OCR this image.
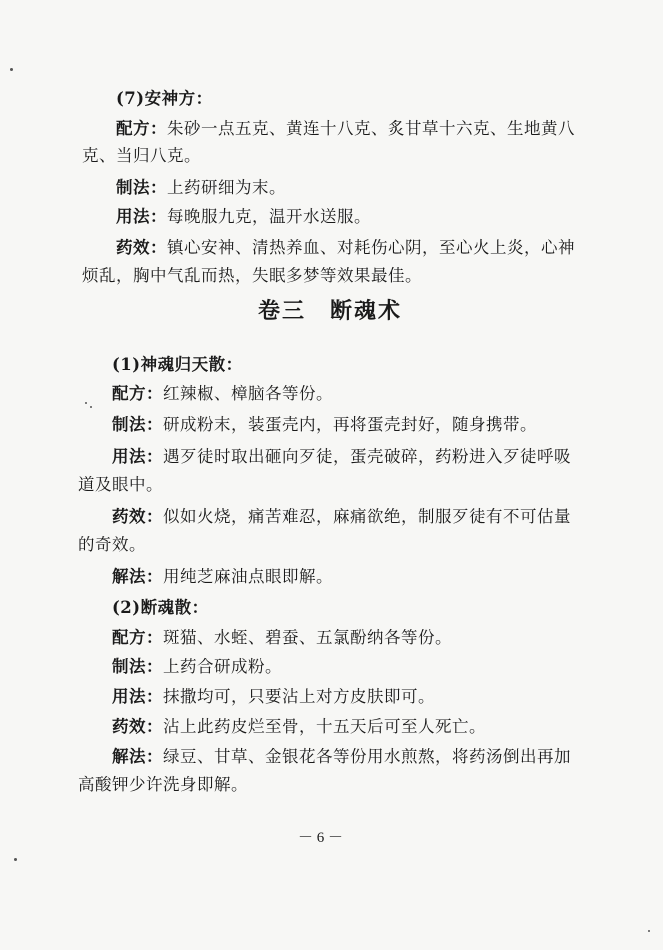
(7)安神方：
配方：朱砂一点五克、黄连十八克、炙甘草十六克、生地黄八
克、当归八克。
制法：上药研细为末。
用法：每晚服九克，温开水送服。
药效：镇心安神、清热养血、对耗伤心阴，至心火上炎，心神
烦乱，胸中气乱而热，失眠多梦等效果最佳。
卷三　断魂术
(1)神魂归天散：
配方：红辣椒、樟脑各等份。
制法：研成粉末，装蛋壳内，再将蛋壳封好，随身携带。
用法：遇歹徒时取出砸向歹徒，蛋壳破碎，药粉进入歹徒呼吸
道及眼中。
药效：似如火烧，痛苦难忍，麻痛欲绝，制服歹徒有不可估量
的奇效。
解法：用纯芝麻油点眼即解。
(2)断魂散：
配方：斑猫、水蛭、碧蚕、五氯酚纳各等份。
制法：上药合研成粉。
用法：抹撒均可，只要沾上对方皮肤即可。
药效：沾上此药皮烂至骨，十五天后可至人死亡。
解法：绿豆、甘草、金银花各等份用水煎熬，将药汤倒出再加
高酸钾少许洗身即解。
－ 6 －
